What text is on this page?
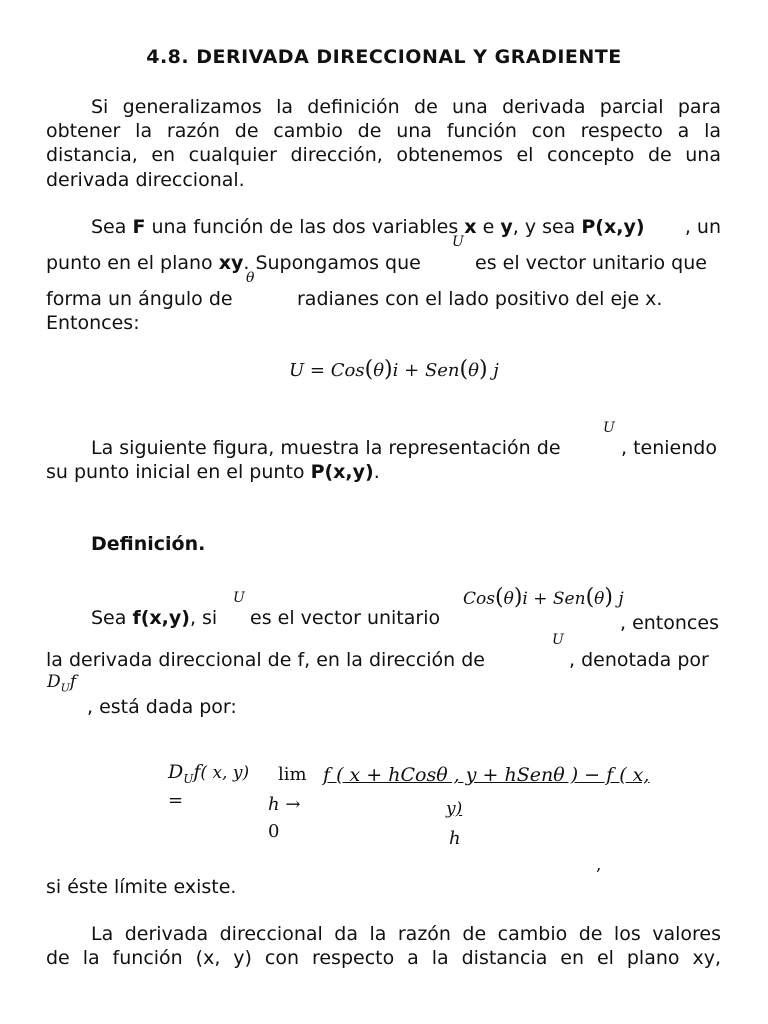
4.8. DERIVADA DIRECCIONAL Y GRADIENTE
Si generalizamos la definición de una derivada parcial para
obtener la razón de cambio de una función con respecto a la
distancia, en cualquier dirección, obtenemos el concepto de una
derivada direccional.
Sea F una función de las dos variables x e y, y sea P(x,y) , un
U
punto en el plano xy. Supongamos que	es el vector unitario que
θ
forma un ángulo de	radianes con el lado positivo del eje x.
Entonces:
U = Cos(θ)i + Sen(θ) j
U
La siguiente figura, muestra la representación de	, teniendo
su punto inicial en el punto P(x,y).
Definición.
U	Cos(θ)i + Sen(θ) j
Sea f(x,y), si es el vector unitario	, entonces
U
la derivada direccional de f, en la dirección de	, denotada por
$D_Uf$
, está dada por:
$D_Uf$( x, y)
=
lim
h →
0
f ( x + hCosθ , y + hSenθ ) − f ( x,
y)
h
,
si éste límite existe.
La derivada direccional da la razón de cambio de los valores
de la función (x, y) con respecto a la distancia en el plano xy,
